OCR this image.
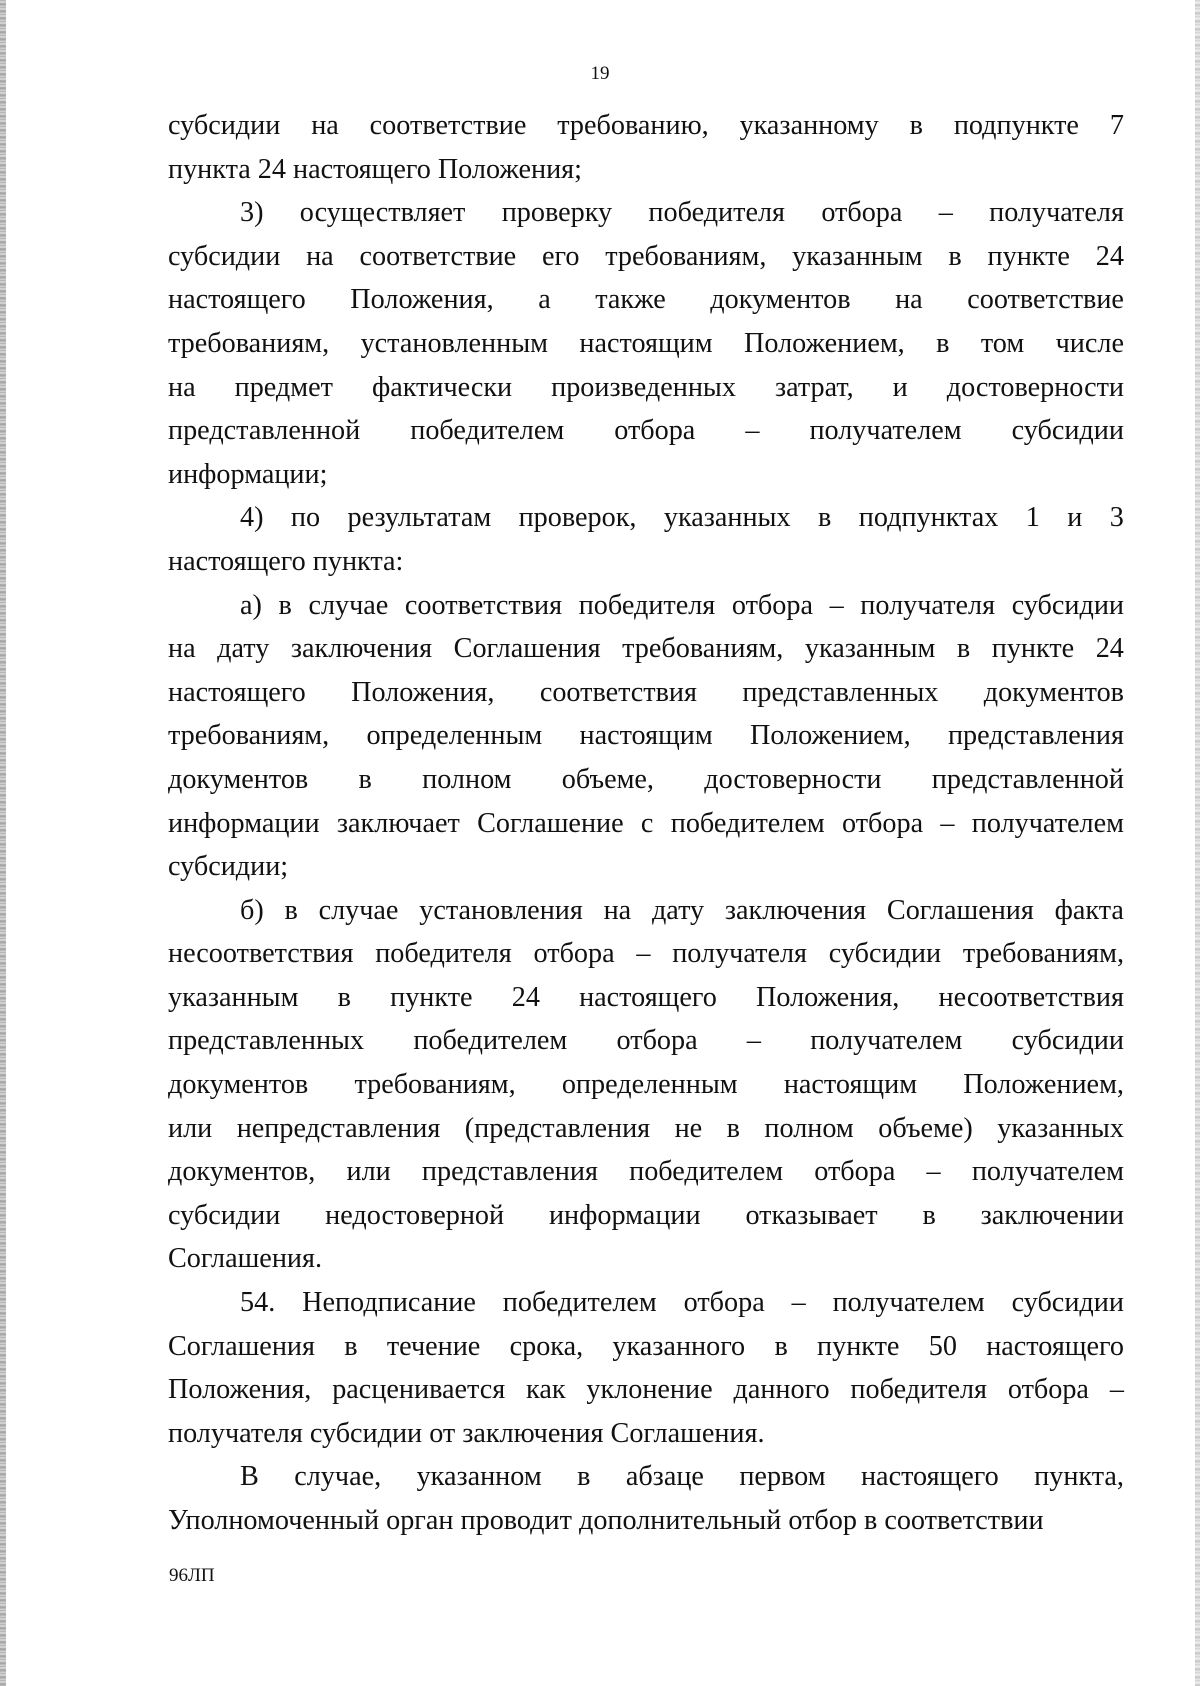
19
субсидии на соответствие требованию, указанному в подпункте 7
пункта 24 настоящего Положения;
3) осуществляет проверку победителя отбора – получателя
субсидии на соответствие его требованиям, указанным в пункте 24
настоящего Положения, а также документов на соответствие
требованиям, установленным настоящим Положением, в том числе
на предмет фактически произведенных затрат, и достоверности
представленной победителем отбора – получателем субсидии
информации;
4) по результатам проверок, указанных в подпунктах 1 и 3
настоящего пункта:
а) в случае соответствия победителя отбора – получателя субсидии
на дату заключения Соглашения требованиям, указанным в пункте 24
настоящего Положения, соответствия представленных документов
требованиям, определенным настоящим Положением, представления
документов в полном объеме, достоверности представленной
информации заключает Соглашение с победителем отбора – получателем
субсидии;
б) в случае установления на дату заключения Соглашения факта
несоответствия победителя отбора – получателя субсидии требованиям,
указанным в пункте 24 настоящего Положения, несоответствия
представленных победителем отбора – получателем субсидии
документов требованиям, определенным настоящим Положением,
или непредставления (представления не в полном объеме) указанных
документов, или представления победителем отбора – получателем
субсидии недостоверной информации отказывает в заключении
Соглашения.
54. Неподписание победителем отбора – получателем субсидии
Соглашения в течение срока, указанного в пункте 50 настоящего
Положения, расценивается как уклонение данного победителя отбора –
получателя субсидии от заключения Соглашения.
В случае, указанном в абзаце первом настоящего пункта,
Уполномоченный орган проводит дополнительный отбор в соответствии
96ЛП
